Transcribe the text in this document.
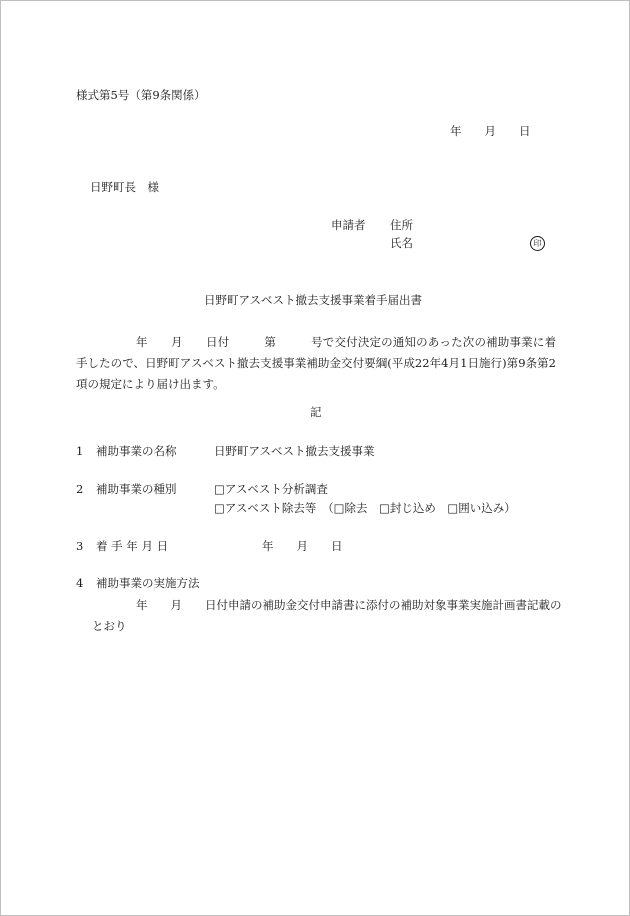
様式第5号（第9条関係）
年　　月　　日
日野町長　様
申請者 住所
氏名	印
日野町アスベスト撤去支援事業着手届出書
年　　月　　日付　　　第　　　号で交付決定の通知のあった次の補助事業に着手したので、日野町アスベスト撤去支援事業補助金交付要綱(平成22年4月1日施行)第9条第2項の規定により届け出ます。
記
1 補助事業の名称	日野町アスベスト撤去支援事業
2 補助事業の種別	□アスベスト分析調査
□アスベスト除去等　（□除去　□封じ込め　□囲い込み）
3 着 手 年 月 日	年　　月　　日
4 補助事業の実施方法
年　　月　　日付申請の補助金交付申請書に添付の補助対象事業実施計画書記載のとおり
